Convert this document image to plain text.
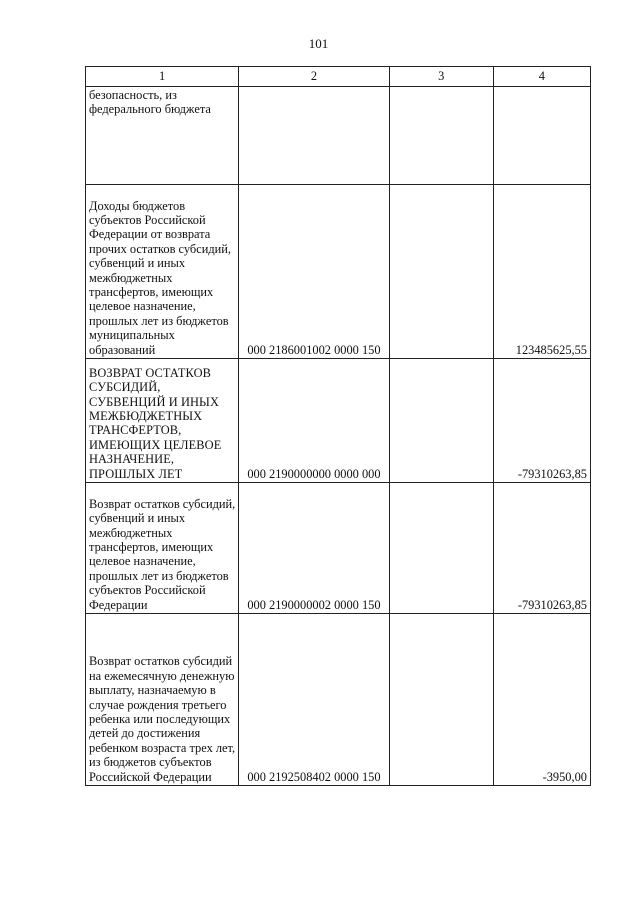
101
1	2	3	4
безопасность, из федерального бюджета			
Доходы бюджетов субъектов Российской Федерации от возврата прочих остатков субсидий, субвенций и иных межбюджетных трансфертов, имеющих целевое назначение, прошлых лет из бюджетов муниципальных образований	000 2186001002 0000 150		123485625,55
ВОЗВРАТ ОСТАТКОВ СУБСИДИЙ, СУБВЕНЦИЙ И ИНЫХ МЕЖБЮДЖЕТНЫХ ТРАНСФЕРТОВ, ИМЕЮЩИХ ЦЕЛЕВОЕ НАЗНАЧЕНИЕ, ПРОШЛЫХ ЛЕТ	000 2190000000 0000 000		-79310263,85
Возврат остатков субсидий, субвенций и иных межбюджетных трансфертов, имеющих целевое назначение, прошлых лет из бюджетов субъектов Российской Федерации	000 2190000002 0000 150		-79310263,85
Возврат остатков субсидий на ежемесячную денежную выплату, назначаемую в случае рождения третьего ребенка или последующих детей до достижения ребенком возраста трех лет, из бюджетов субъектов Российской Федерации	000 2192508402 0000 150		-3950,00
